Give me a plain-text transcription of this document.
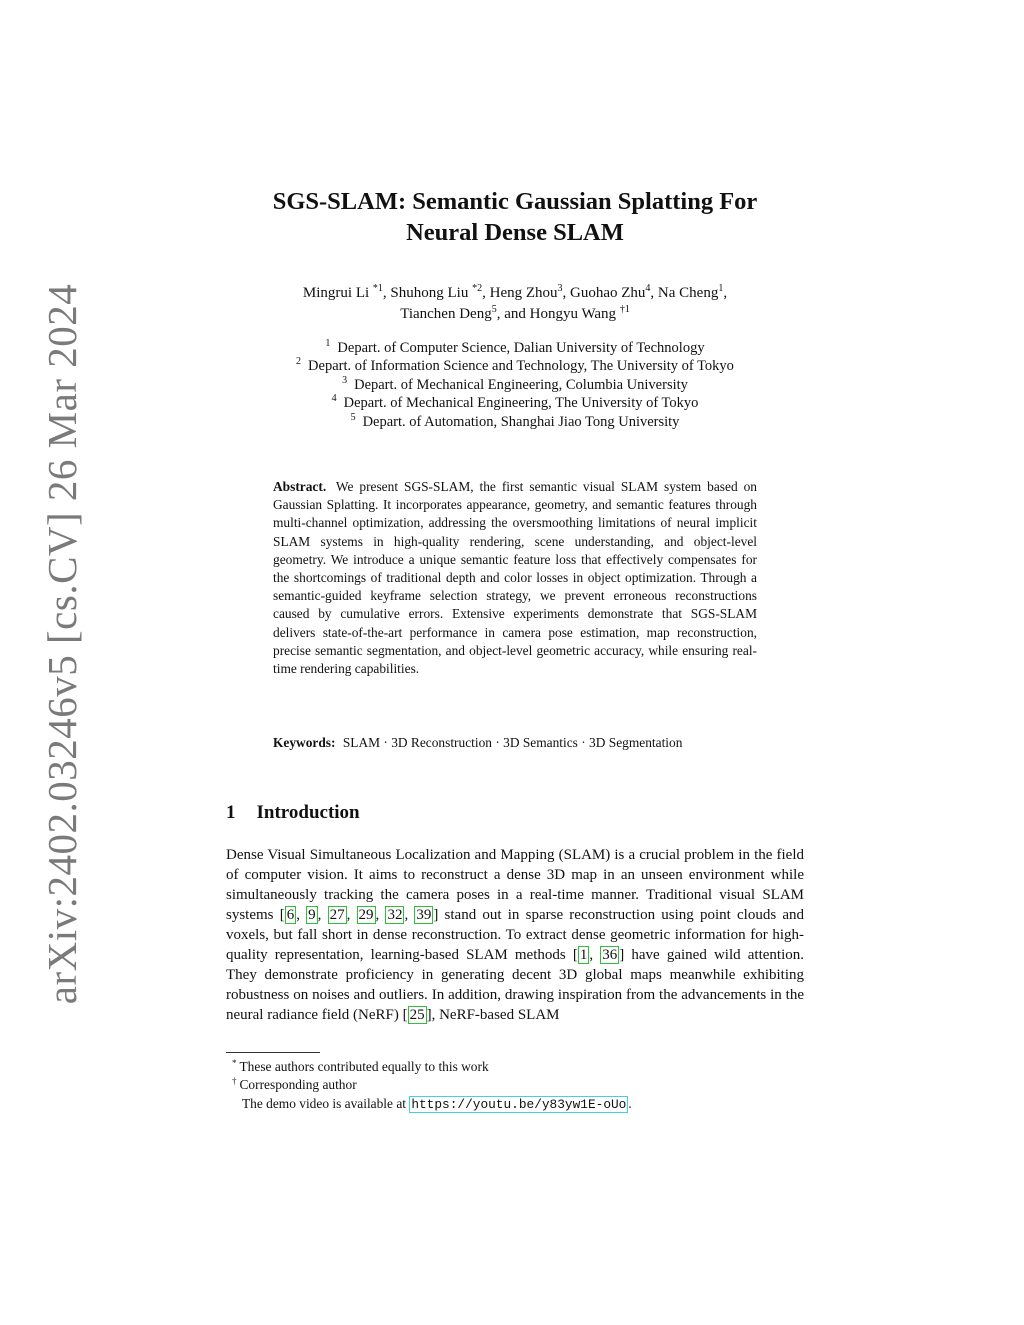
arXiv:2402.03246v5 [cs.CV] 26 Mar 2024
SGS-SLAM: Semantic Gaussian Splatting For
Neural Dense SLAM
Mingrui Li $^{*1}$, Shuhong Liu $^{*2}$, Heng Zhou$^3$, Guohao Zhu$^4$, Na Cheng$^1$,
Tianchen Deng$^5$, and Hongyu Wang $^{\dagger 1}$
$^1$ Depart. of Computer Science, Dalian University of Technology
$^2$ Depart. of Information Science and Technology, The University of Tokyo
$^3$ Depart. of Mechanical Engineering, Columbia University
$^4$ Depart. of Mechanical Engineering, The University of Tokyo
$^5$ Depart. of Automation, Shanghai Jiao Tong University
Abstract. We present SGS-SLAM, the first semantic visual SLAM system based on Gaussian Splatting. It incorporates appearance, geometry, and semantic features through multi-channel optimization, addressing the oversmoothing limitations of neural implicit SLAM systems in high-quality rendering, scene understanding, and object-level geometry. We introduce a unique semantic feature loss that effectively compensates for the shortcomings of traditional depth and color losses in object optimization. Through a semantic-guided keyframe selection strategy, we prevent erroneous reconstructions caused by cumulative errors. Extensive experiments demonstrate that SGS-SLAM delivers state-of-the-art performance in camera pose estimation, map reconstruction, precise semantic segmentation, and object-level geometric accuracy, while ensuring real-time rendering capabilities.
Keywords: SLAM · 3D Reconstruction · 3D Semantics · 3D Segmentation
1 Introduction
Dense Visual Simultaneous Localization and Mapping (SLAM) is a crucial problem in the field of computer vision. It aims to reconstruct a dense 3D map in an unseen environment while simultaneously tracking the camera poses in a real-time manner. Traditional visual SLAM systems [ 6 , 9 , 27 , 29 , 32 , 39 ] stand out in sparse reconstruction using point clouds and voxels, but fall short in dense reconstruction. To extract dense geometric information for high-quality representation, learning-based SLAM methods [ 1 , 36 ] have gained wild attention. They demonstrate proficiency in generating decent 3D global maps meanwhile exhibiting robustness on noises and outliers. In addition, drawing inspiration from the advancements in the neural radiance field (NeRF) [ 25 ], NeRF-based SLAM
* These authors contributed equally to this work
† Corresponding author
The demo video is available at https://youtu.be/y83yw1E-oUo .
